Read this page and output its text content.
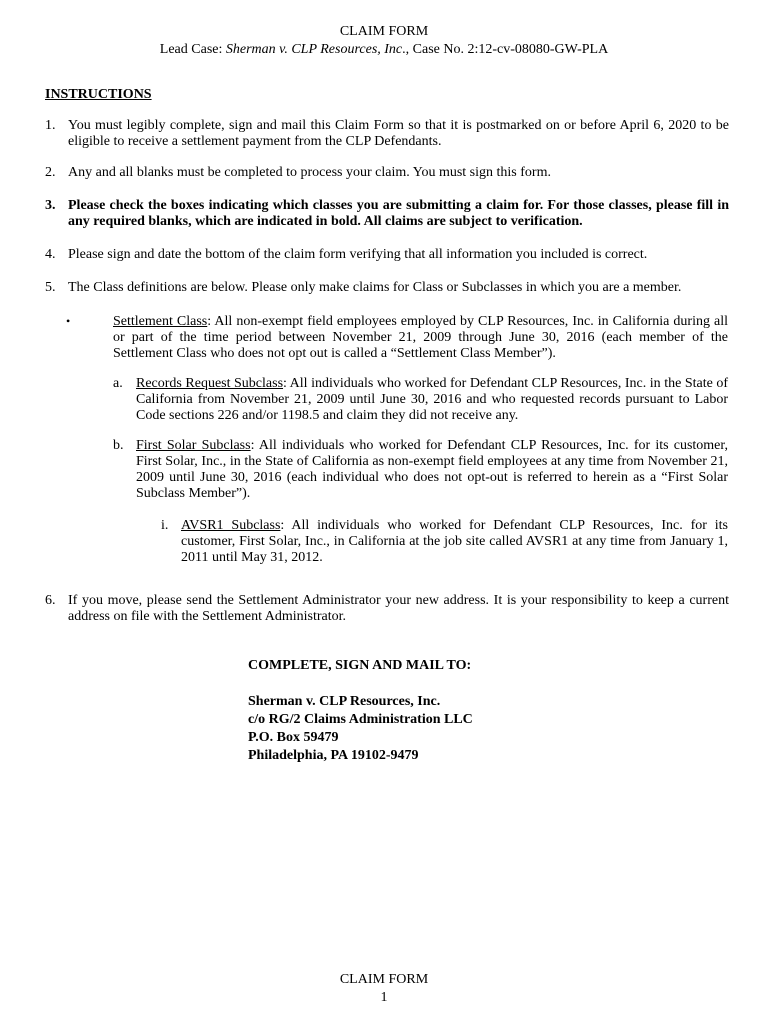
CLAIM FORM
Lead Case: Sherman v. CLP Resources, Inc., Case No. 2:12-cv-08080-GW-PLA
INSTRUCTIONS
1. You must legibly complete, sign and mail this Claim Form so that it is postmarked on or before April 6, 2020 to be eligible to receive a settlement payment from the CLP Defendants.
2. Any and all blanks must be completed to process your claim. You must sign this form.
3. Please check the boxes indicating which classes you are submitting a claim for. For those classes, please fill in any required blanks, which are indicated in bold. All claims are subject to verification.
4. Please sign and date the bottom of the claim form verifying that all information you included is correct.
5. The Class definitions are below. Please only make claims for Class or Subclasses in which you are a member.
•	Settlement Class: All non-exempt field employees employed by CLP Resources, Inc. in California during all or part of the time period between November 21, 2009 through June 30, 2016 (each member of the Settlement Class who does not opt out is called a “Settlement Class Member”).
a. Records Request Subclass: All individuals who worked for Defendant CLP Resources, Inc. in the State of California from November 21, 2009 until June 30, 2016 and who requested records pursuant to Labor Code sections 226 and/or 1198.5 and claim they did not receive any.
b. First Solar Subclass: All individuals who worked for Defendant CLP Resources, Inc. for its customer, First Solar, Inc., in the State of California as non-exempt field employees at any time from November 21, 2009 until June 30, 2016 (each individual who does not opt-out is referred to herein as a “First Solar Subclass Member”).
i. AVSR1 Subclass: All individuals who worked for Defendant CLP Resources, Inc. for its customer, First Solar, Inc., in California at the job site called AVSR1 at any time from January 1, 2011 until May 31, 2012.
6. If you move, please send the Settlement Administrator your new address. It is your responsibility to keep a current address on file with the Settlement Administrator.
COMPLETE, SIGN AND MAIL TO:
Sherman v. CLP Resources, Inc.
c/o RG/2 Claims Administration LLC
P.O. Box 59479
Philadelphia, PA 19102-9479
CLAIM FORM
1
